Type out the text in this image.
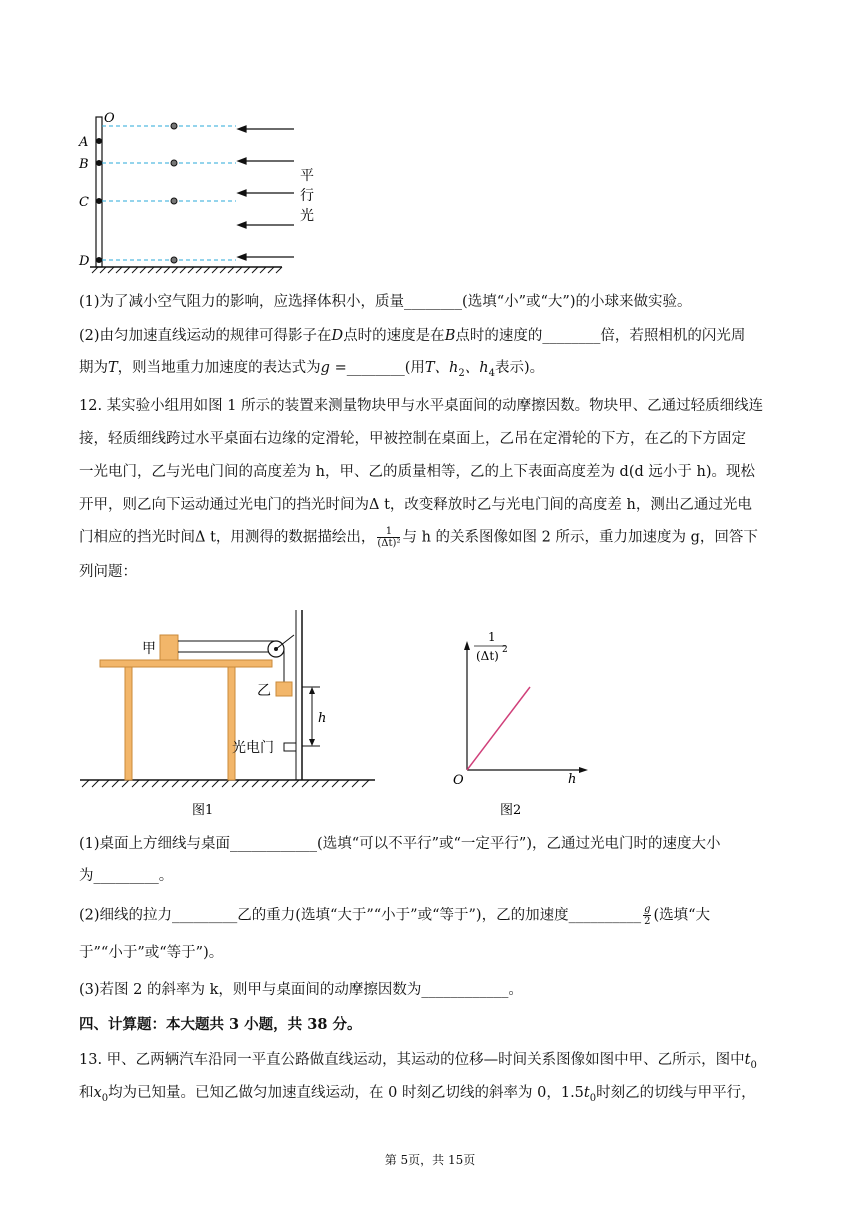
O
A
B
C
D
平
行
光
(1)为了减小空气阻力的影响，应选择体积小，质量________(选填“小”或“大”)的小球来做实验。
(2)由匀加速直线运动的规律可得影子在D点时的速度是在B点时的速度的________倍，若照相机的闪光周
期为T，则当地重力加速度的表达式为g =________(用T、$h_2$、$h_4$表示)。
12. 某实验小组用如图 1 所示的装置来测量物块甲与水平桌面间的动摩擦因数。物块甲、乙通过轻质细线连
接，轻质细线跨过水平桌面右边缘的定滑轮，甲被控制在桌面上，乙吊在定滑轮的下方，在乙的下方固定
一光电门，乙与光电门间的高度差为 h，甲、乙的质量相等，乙的上下表面高度差为 d(d 远小于 h)。现松
开甲，则乙向下运动通过光电门的挡光时间为Δ t，改变释放时乙与光电门间的高度差 h，测出乙通过光电
门相应的挡光时间Δ t，用测得的数据描绘出， $\frac{1}{\text{(Δt)²}}$ 与 h 的关系图像如图 2 所示，重力加速度为 g，回答下
列问题：
甲
乙
h
光电门
图1
1
(Δt) 2
O	h
图2
(1)桌面上方细线与桌面____________(选填“可以不平行”或“一定平行”)，乙通过光电门时的速度大小
为_________。
(2)细线的拉力_________乙的重力(选填“大于”“小于”或“等于”)，乙的加速度__________ $\frac{g}{2}$ (选填“大
于”“小于”或“等于”)。
(3)若图 2 的斜率为 k，则甲与桌面间的动摩擦因数为____________。
四、计算题：本大题共 3 小题，共 38 分。
13. 甲、乙两辆汽车沿同一平直公路做直线运动，其运动的位移—时间关系图像如图中甲、乙所示，图中$t_0$
和$x_0$均为已知量。已知乙做匀加速直线运动，在 0 时刻乙切线的斜率为 0，$1.5t_0$时刻乙的切线与甲平行，
第 5页，共 15页
